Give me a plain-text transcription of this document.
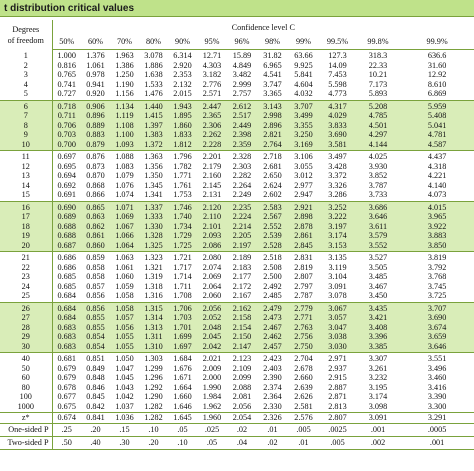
t distribution critical values
Degrees
of freedom	Confidence level C											
	50%	60%	70%	80%	90%	95%	96%	98%	99%	99.5%	99.8%	99.9%
1	1.000	1.376	1.963	3.078	6.314	12.71	15.89	31.82	63.66	127.3	318.3	636.6
2	0.816	1.061	1.386	1.886	2.920	4.303	4.849	6.965	9.925	14.09	22.33	31.60
3	0.765	0.978	1.250	1.638	2.353	3.182	3.482	4.541	5.841	7.453	10.21	12.92
4	0.741	0.941	1.190	1.533	2.132	2.776	2.999	3.747	4.604	5.598	7.173	8.610
5	0.727	0.920	1.156	1.476	2.015	2.571	2.757	3.365	4.032	4.773	5.893	6.869
6	0.718	0.906	1.134	1.440	1.943	2.447	2.612	3.143	3.707	4.317	5.208	5.959
7	0.711	0.896	1.119	1.415	1.895	2.365	2.517	2.998	3.499	4.029	4.785	5.408
8	0.706	0.889	1.108	1.397	1.860	2.306	2.449	2.896	3.355	3.833	4.501	5.041
9	0.703	0.883	1.100	1.383	1.833	2.262	2.398	2.821	3.250	3.690	4.297	4.781
10	0.700	0.879	1.093	1.372	1.812	2.228	2.359	2.764	3.169	3.581	4.144	4.587
11	0.697	0.876	1.088	1.363	1.796	2.201	2.328	2.718	3.106	3.497	4.025	4.437
12	0.695	0.873	1.083	1.356	1.782	2.179	2.303	2.681	3.055	3.428	3.930	4.318
13	0.694	0.870	1.079	1.350	1.771	2.160	2.282	2.650	3.012	3.372	3.852	4.221
14	0.692	0.868	1.076	1.345	1.761	2.145	2.264	2.624	2.977	3.326	3.787	4.140
15	0.691	0.866	1.074	1.341	1.753	2.131	2.249	2.602	2.947	3.286	3.733	4.073
16	0.690	0.865	1.071	1.337	1.746	2.120	2.235	2.583	2.921	3.252	3.686	4.015
17	0.689	0.863	1.069	1.333	1.740	2.110	2.224	2.567	2.898	3.222	3.646	3.965
18	0.688	0.862	1.067	1.330	1.734	2.101	2.214	2.552	2.878	3.197	3.611	3.922
19	0.688	0.861	1.066	1.328	1.729	2.093	2.205	2.539	2.861	3.174	3.579	3.883
20	0.687	0.860	1.064	1.325	1.725	2.086	2.197	2.528	2.845	3.153	3.552	3.850
21	0.686	0.859	1.063	1.323	1.721	2.080	2.189	2.518	2.831	3.135	3.527	3.819
22	0.686	0.858	1.061	1.321	1.717	2.074	2.183	2.508	2.819	3.119	3.505	3.792
23	0.685	0.858	1.060	1.319	1.714	2.069	2.177	2.500	2.807	3.104	3.485	3.768
24	0.685	0.857	1.059	1.318	1.711	2.064	2.172	2.492	2.797	3.091	3.467	3.745
25	0.684	0.856	1.058	1.316	1.708	2.060	2.167	2.485	2.787	3.078	3.450	3.725
26	0.684	0.856	1.058	1.315	1.706	2.056	2.162	2.479	2.779	3.067	3.435	3.707
27	0.684	0.855	1.057	1.314	1.703	2.052	2.158	2.473	2.771	3.057	3.421	3.690
28	0.683	0.855	1.056	1.313	1.701	2.048	2.154	2.467	2.763	3.047	3.408	3.674
29	0.683	0.854	1.055	1.311	1.699	2.045	2.150	2.462	2.756	3.038	3.396	3.659
30	0.683	0.854	1.055	1.310	1.697	2.042	2.147	2.457	2.750	3.030	3.385	3.646
40	0.681	0.851	1.050	1.303	1.684	2.021	2.123	2.423	2.704	2.971	3.307	3.551
50	0.679	0.849	1.047	1.299	1.676	2.009	2.109	2.403	2.678	2.937	3.261	3.496
60	0.679	0.848	1.045	1.296	1.671	2.000	2.099	2.390	2.660	2.915	3.232	3.460
80	0.678	0.846	1.043	1.292	1.664	1.990	2.088	2.374	2.639	2.887	3.195	3.416
100	0.677	0.845	1.042	1.290	1.660	1.984	2.081	2.364	2.626	2.871	3.174	3.390
1000	0.675	0.842	1.037	1.282	1.646	1.962	2.056	2.330	2.581	2.813	3.098	3.300
z*	0.674	0.841	1.036	1.282	1.645	1.960	2.054	2.326	2.576	2.807	3.091	3.291
One-sided P	.25	.20	.15	.10	.05	.025	.02	.01	.005	.0025	.001	.0005
Two-sided P	.50	.40	.30	.20	.10	.05	.04	.02	.01	.005	.002	.001
